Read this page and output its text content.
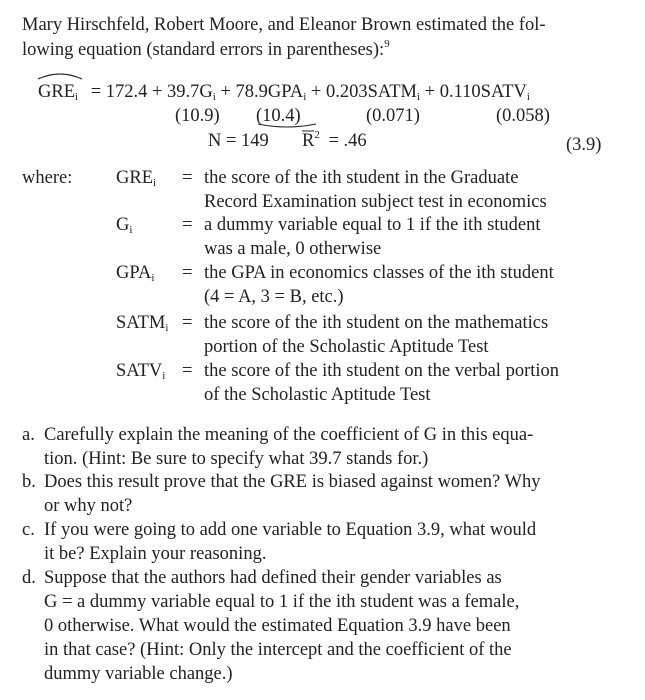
Mary Hirschfeld, Robert Moore, and Eleanor Brown estimated the fol-
lowing equation (standard errors in parentheses):$^9$
$GRE_i = 172.4 + 39.7G_i + 78.9GPA_i$ + $0.203SATM_i$ + $0.110SATV_i$
(10.9) (10.4)	(0.071)	(0.058)
N = 149 $R^2 = .46$	(3.9)
where: $GRE_i$	= the score of the ith student in the Graduate
Record Examination subject test in economics
$G_i$	= a dummy variable equal to 1 if the ith student
was a male, 0 otherwise
$GPA_i$	= the GPA in economics classes of the ith student
(4 = A, 3 = B, etc.)
$SATM_i$ = the score of the ith student on the mathematics
portion of the Scholastic Aptitude Test
$SATV_i$ = the score of the ith student on the verbal portion
of the Scholastic Aptitude Test
a. Carefully explain the meaning of the coefficient of G in this equa-
tion. (Hint: Be sure to specify what 39.7 stands for.)
b. Does this result prove that the GRE is biased against women? Why
or why not?
c. If you were going to add one variable to Equation 3.9, what would
it be? Explain your reasoning.
d. Suppose that the authors had defined their gender variables as
G = a dummy variable equal to 1 if the ith student was a female,
0 otherwise. What would the estimated Equation 3.9 have been
in that case? (Hint: Only the intercept and the coefficient of the
dummy variable change.)
